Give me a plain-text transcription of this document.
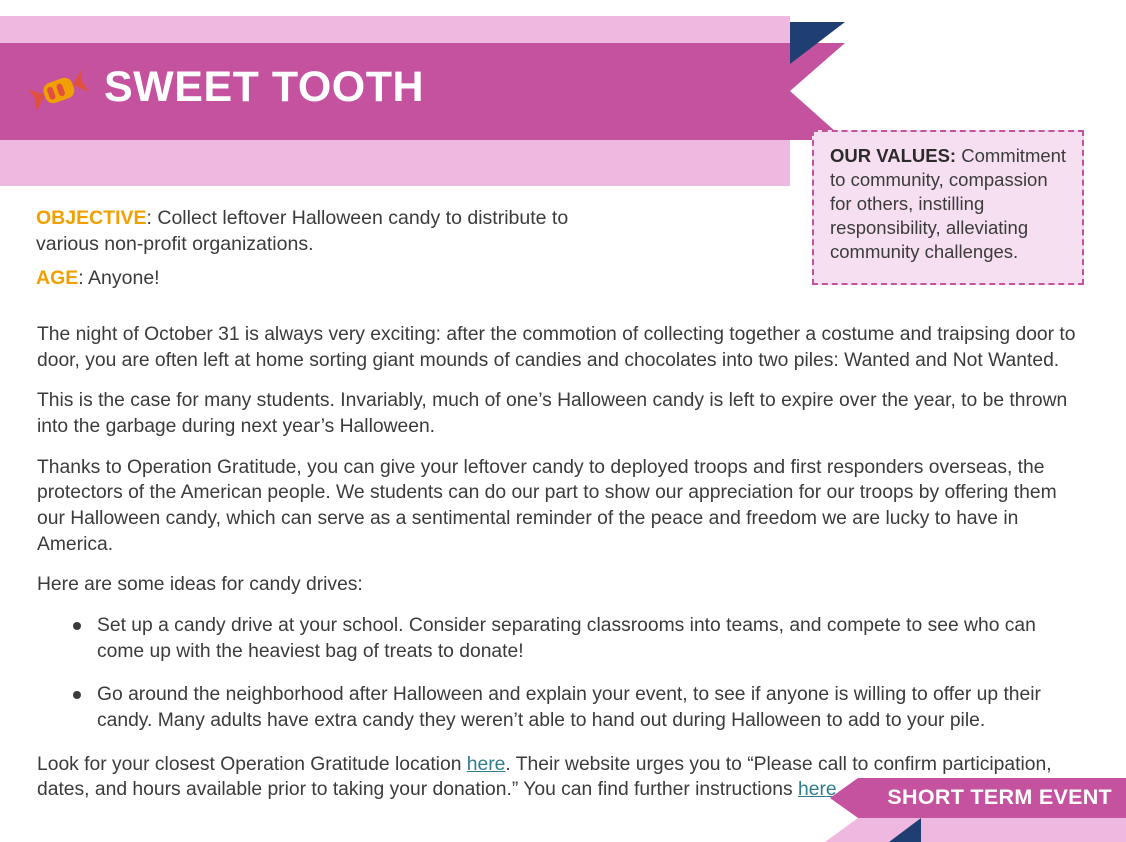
SWEET TOOTH
OUR VALUES: Commitment to community, compassion for others, instilling responsibility, alleviating community challenges.
OBJECTIVE: Collect leftover Halloween candy to distribute to various non-profit organizations.
AGE: Anyone!

The night of October 31 is always very exciting: after the commotion of collecting together a costume and traipsing door to door, you are often left at home sorting giant mounds of candies and chocolates into two piles: Wanted and Not Wanted.

This is the case for many students. Invariably, much of one’s Halloween candy is left to expire over the year, to be thrown into the garbage during next year’s Halloween.

Thanks to Operation Gratitude, you can give your leftover candy to deployed troops and first responders overseas, the protectors of the American people. We students can do our part to show our appreciation for our troops by offering them our Halloween candy, which can serve as a sentimental reminder of the peace and freedom we are lucky to have in America.

Here are some ideas for candy drives:

Set up a candy drive at your school. Consider separating classrooms into teams, and compete to see who can come up with the heaviest bag of treats to donate!
Go around the neighborhood after Halloween and explain your event, to see if anyone is willing to offer up their candy. Many adults have extra candy they weren’t able to hand out during Halloween to add to your pile.

Look for your closest Operation Gratitude location here. Their website urges you to “Please call to confirm participation, dates, and hours available prior to taking your donation.” You can find further instructions here.	SHORT TERM EVENT
